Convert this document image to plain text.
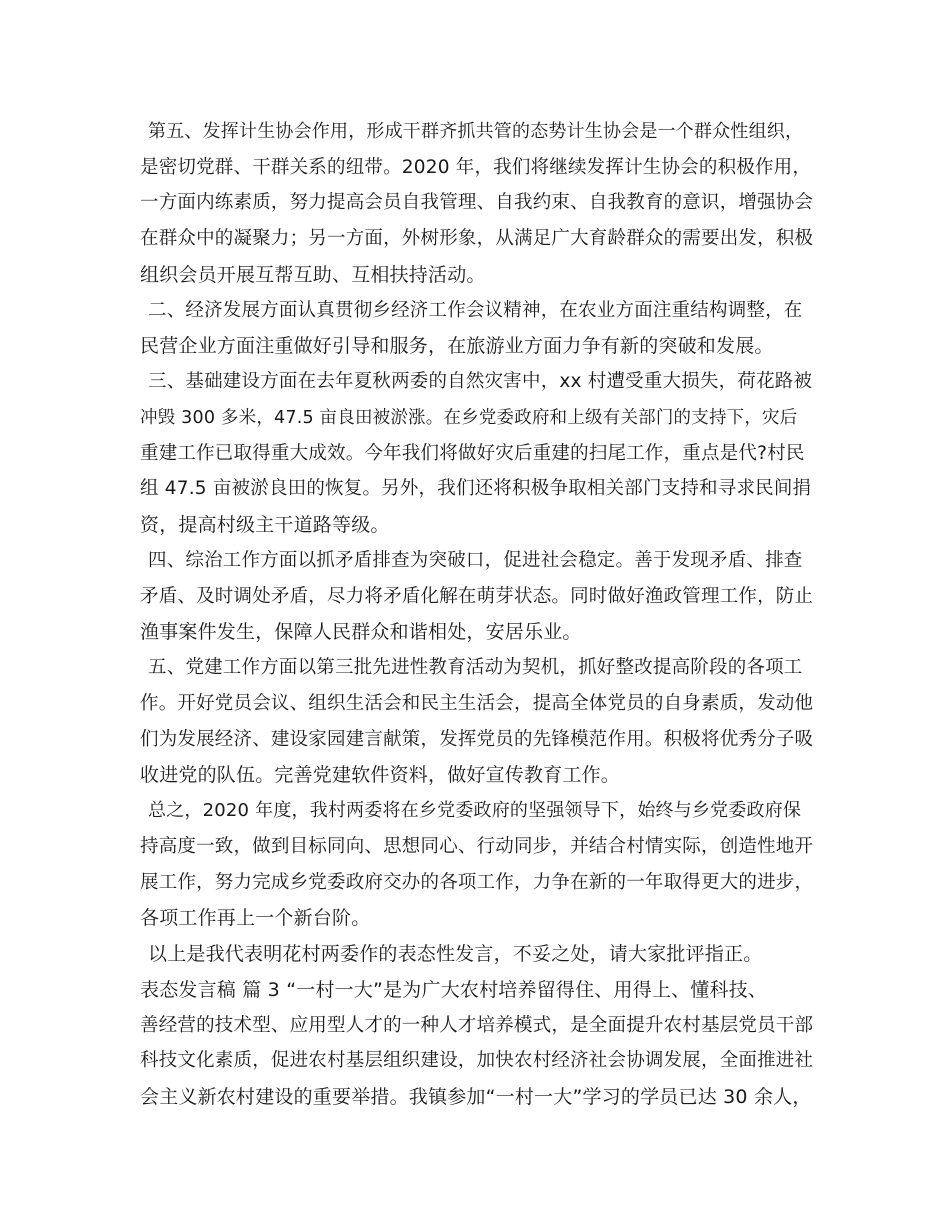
第五、发挥计生协会作用，形成干群齐抓共管的态势计生协会是一个群众性组织，
是密切党群、干群关系的纽带。2020 年，我们将继续发挥计生协会的积极作用，
一方面内练素质，努力提高会员自我管理、自我约束、自我教育的意识，增强协会
在群众中的凝聚力；另一方面，外树形象，从满足广大育龄群众的需要出发，积极
组织会员开展互帮互助、互相扶持活动。
二、经济发展方面认真贯彻乡经济工作会议精神，在农业方面注重结构调整，在
民营企业方面注重做好引导和服务，在旅游业方面力争有新的突破和发展。
三、基础建设方面在去年夏秋两委的自然灾害中，xx 村遭受重大损失，荷花路被
冲毁 300 多米，47.5 亩良田被淤涨。在乡党委政府和上级有关部门的支持下，灾后
重建工作已取得重大成效。今年我们将做好灾后重建的扫尾工作，重点是代?村民
组 47.5 亩被淤良田的恢复。另外，我们还将积极争取相关部门支持和寻求民间捐
资，提高村级主干道路等级。
四、综治工作方面以抓矛盾排查为突破口，促进社会稳定。善于发现矛盾、排查
矛盾、及时调处矛盾，尽力将矛盾化解在萌芽状态。同时做好渔政管理工作，防止
渔事案件发生，保障人民群众和谐相处，安居乐业。
五、党建工作方面以第三批先进性教育活动为契机，抓好整改提高阶段的各项工
作。开好党员会议、组织生活会和民主生活会，提高全体党员的自身素质，发动他
们为发展经济、建设家园建言献策，发挥党员的先锋模范作用。积极将优秀分子吸
收进党的队伍。完善党建软件资料，做好宣传教育工作。
总之，2020 年度，我村两委将在乡党委政府的坚强领导下，始终与乡党委政府保
持高度一致，做到目标同向、思想同心、行动同步，并结合村情实际，创造性地开
展工作，努力完成乡党委政府交办的各项工作，力争在新的一年取得更大的进步，
各项工作再上一个新台阶。
以上是我代表明花村两委作的表态性发言，不妥之处，请大家批评指正。
表态发言稿 篇 3 “一村一大”是为广大农村培养留得住、用得上、懂科技、
善经营的技术型、应用型人才的一种人才培养模式，是全面提升农村基层党员干部
科技文化素质，促进农村基层组织建设，加快农村经济社会协调发展，全面推进社
会主义新农村建设的重要举措。我镇参加“一村一大”学习的学员已达 30 余人，
